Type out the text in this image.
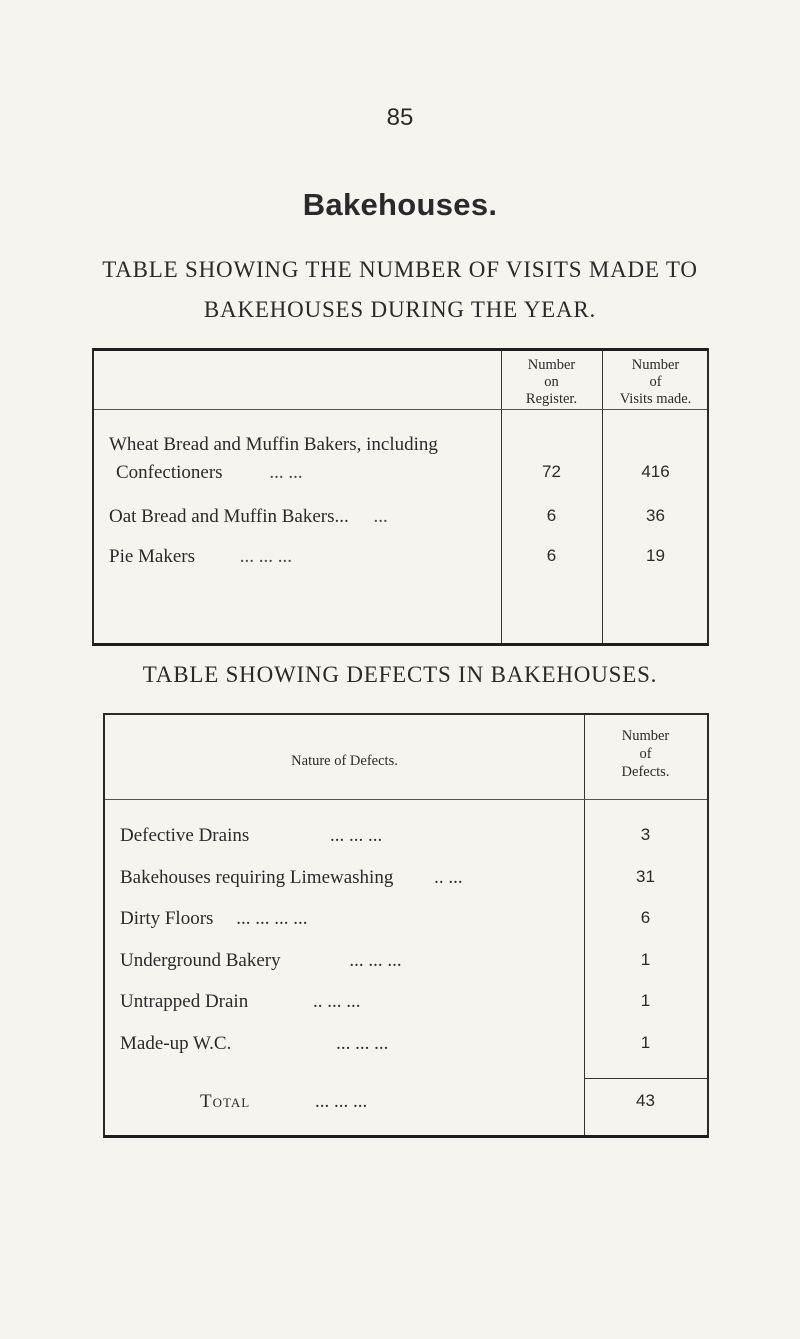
85
Bakehouses.
TABLE SHOWING THE NUMBER OF VISITS MADE TO
BAKEHOUSES DURING THE YEAR.
Number
on
Register.
Number
of
Visits made.
Wheat Bread and Muffin Bakers, including
Confectioners ... ...	72	416
Oat Bread and Muffin Bakers... ...	6	36
Pie Makers ... ... ...	6	19
TABLE SHOWING DEFECTS IN BAKEHOUSES.
Nature of Defects.
Number
of
Defects.
Defective Drains	... ... ...	3
Bakehouses requiring Limewashing .. ...	31
Dirty Floors ... ... ... ...	6
Underground Bakery	... ... ...	1
Untrapped Drain	.. ... ...	1
Made-up W.C.	... ... ...	1
Total	... ... ...	43
